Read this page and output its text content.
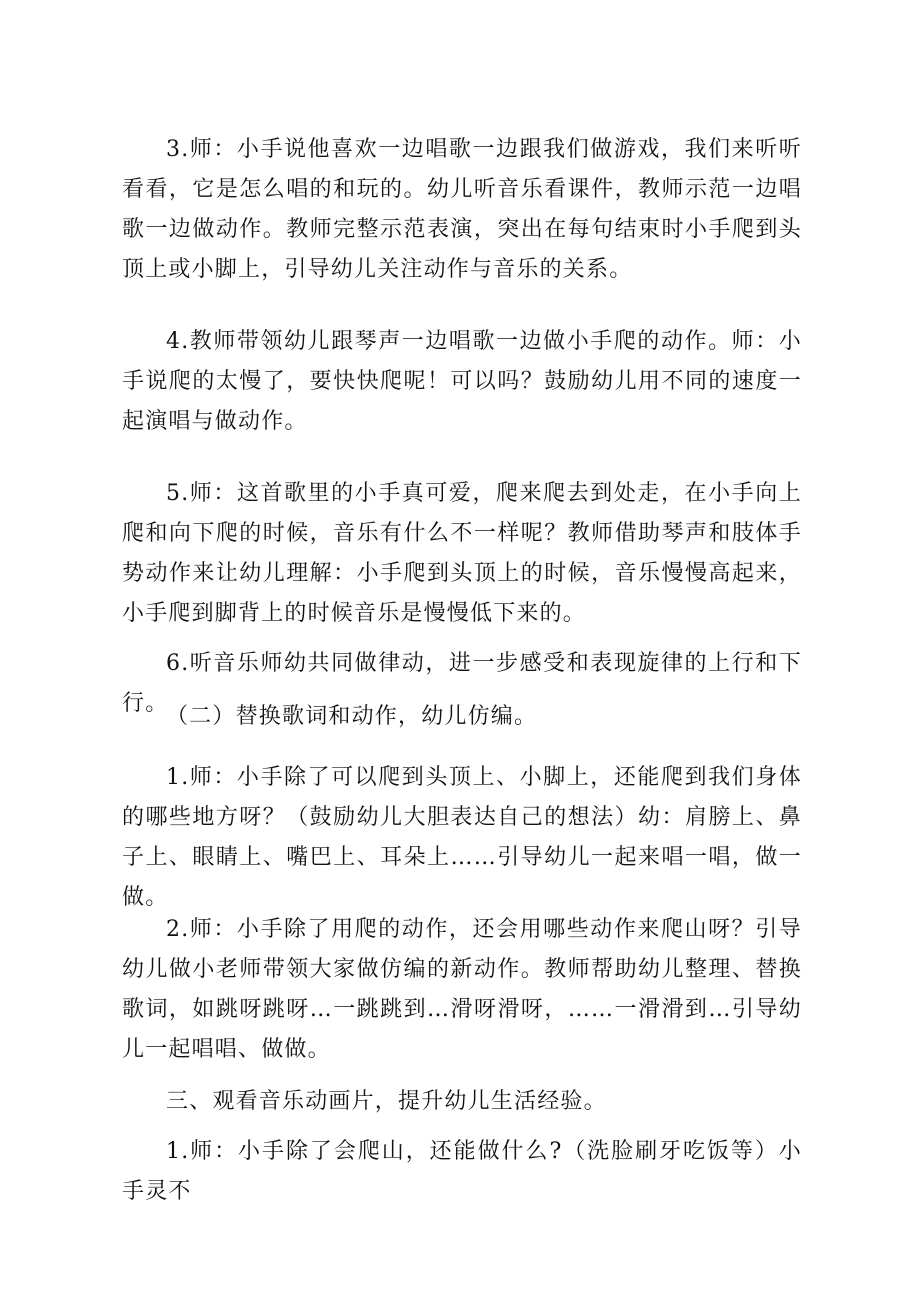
3.师：小手说他喜欢一边唱歌一边跟我们做游戏，我们来听听看看，它是怎么唱的和玩的。幼儿听音乐看课件，教师示范一边唱歌一边做动作。教师完整示范表演，突出在每句结束时小手爬到头顶上或小脚上，引导幼儿关注动作与音乐的关系。

4.教师带领幼儿跟琴声一边唱歌一边做小手爬的动作。师：小手说爬的太慢了，要快快爬呢！可以吗？鼓励幼儿用不同的速度一起演唱与做动作。

5.师：这首歌里的小手真可爱，爬来爬去到处走，在小手向上爬和向下爬的时候，音乐有什么不一样呢？教师借助琴声和肢体手势动作来让幼儿理解：小手爬到头顶上的时候，音乐慢慢高起来，小手爬到脚背上的时候音乐是慢慢低下来的。

6.听音乐师幼共同做律动，进一步感受和表现旋律的上行和下行。

（二）替换歌词和动作，幼儿仿编。

1.师：小手除了可以爬到头顶上、小脚上，还能爬到我们身体的哪些地方呀？（鼓励幼儿大胆表达自己的想法）幼：肩膀上、鼻子上、眼睛上、嘴巴上、耳朵上……引导幼儿一起来唱一唱，做一做。

2.师：小手除了用爬的动作，还会用哪些动作来爬山呀？引导幼儿做小老师带领大家做仿编的新动作。教师帮助幼儿整理、替换歌词，如跳呀跳呀…一跳跳到…滑呀滑呀，……一滑滑到…引导幼儿一起唱唱、做做。

三、观看音乐动画片，提升幼儿生活经验。

1.师：小手除了会爬山，还能做什么?（洗脸刷牙吃饭等）小手灵不
